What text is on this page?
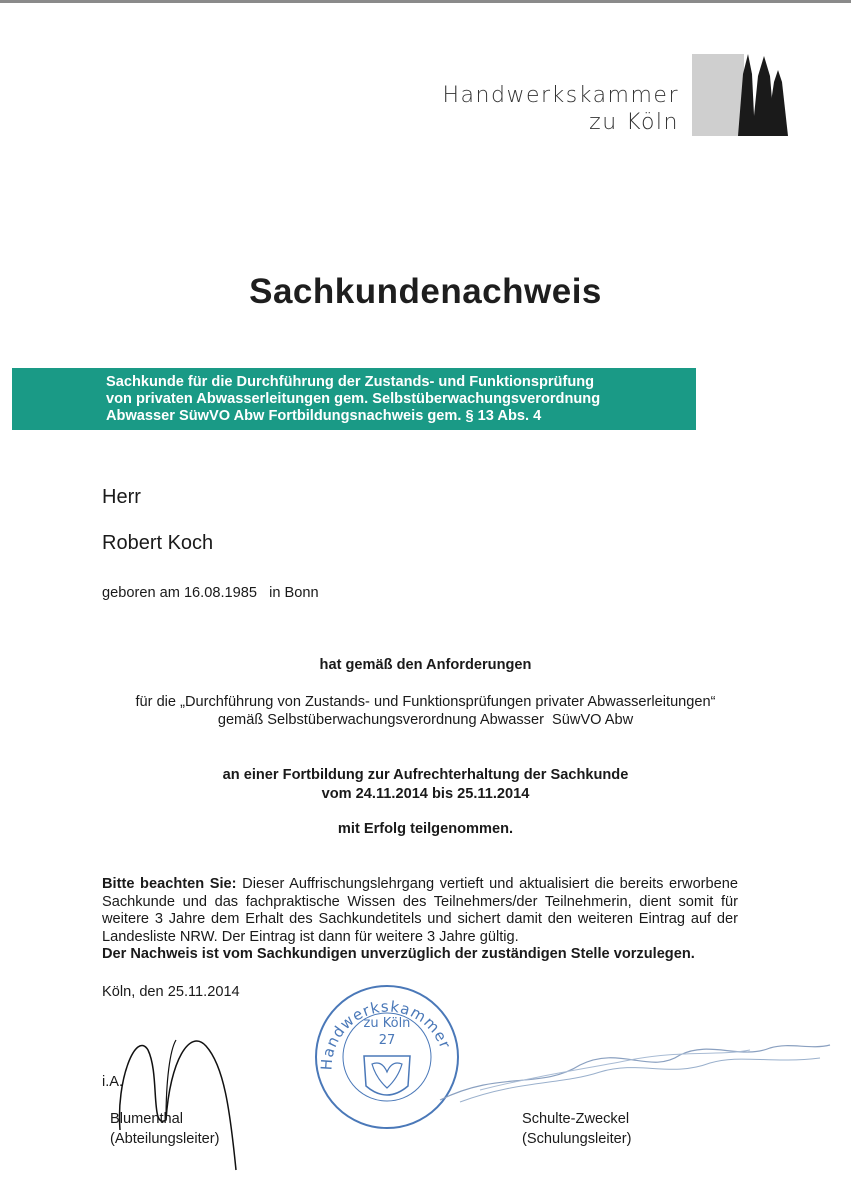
Handwerkskammer
zu Köln
Sachkundenachweis
Sachkunde für die Durchführung der Zustands- und Funktionsprüfung
von privaten Abwasserleitungen gem. Selbstüberwachungsverordnung
Abwasser SüwVO Abw Fortbildungsnachweis gem. § 13 Abs. 4
Herr
Robert Koch
geboren am 16.08.1985   in Bonn
hat gemäß den Anforderungen
für die „Durchführung von Zustands- und Funktionsprüfungen privater Abwasserleitungen“
gemäß Selbstüberwachungsverordnung Abwasser  SüwVO Abw
an einer Fortbildung zur Aufrechterhaltung der Sachkunde
vom 24.11.2014 bis 25.11.2014
mit Erfolg teilgenommen.
Bitte beachten Sie: Dieser Auffrischungslehrgang vertieft und aktualisiert die bereits erworbene Sachkunde und das fachpraktische Wissen des Teilnehmers/der Teilnehmerin, dient somit für weitere 3 Jahre dem Erhalt des Sachkundetitels und sichert damit den weiteren Eintrag auf der Landesliste NRW. Der Eintrag ist dann für weitere 3 Jahre gültig.
Der Nachweis ist vom Sachkundigen unverzüglich der zuständigen Stelle vorzulegen.
Köln, den 25.11.2014
Handwerkskammer
zu Köln
27
i.A.
Blumenthal
(Abteilungsleiter)
Schulte-Zweckel
(Schulungsleiter)
